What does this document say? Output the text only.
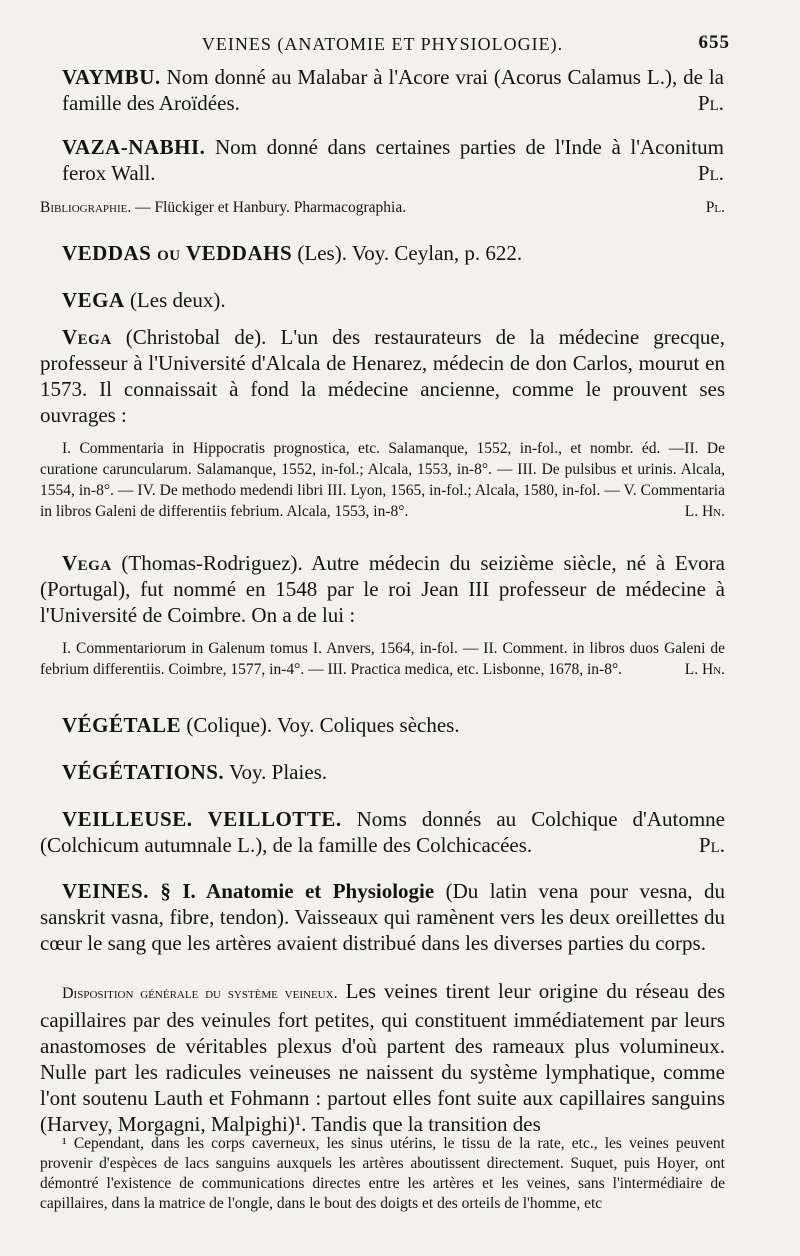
VEINES (ANATOMIE ET PHYSIOLOGIE).	655

VAYMBU. Nom donné au Malabar à l'Acore vrai (Acorus Calamus L.), de la famille des Aroïdées.	Pl.

VAZA-NABHI. Nom donné dans certaines parties de l'Inde à l'Aconitum ferox Wall.	Pl.

Bibliographie. — Flückiger et Hanbury. Pharmacographia.	Pl.

VEDDAS ou VEDDAHS (Les). Voy. Ceylan, p. 622.

VEGA (Les deux).

Vega (Christobal de). L'un des restaurateurs de la médecine grecque, professeur à l'Université d'Alcala de Henarez, médecin de don Carlos, mourut en 1573. Il connaissait à fond la médecine ancienne, comme le prouvent ses ouvrages :

I. Commentaria in Hippocratis prognostica, etc. Salamanque, 1552, in-fol., et nombr. éd. —II. De curatione caruncularum. Salamanque, 1552, in-fol.; Alcala, 1553, in-8°. — III. De pulsibus et urinis. Alcala, 1554, in-8°. — IV. De methodo medendi libri III. Lyon, 1565, in-fol.; Alcala, 1580, in-fol. — V. Commentaria in libros Galeni de differentiis febrium. Alcala, 1553, in-8°.	L. Hn.

Vega (Thomas-Rodriguez). Autre médecin du seizième siècle, né à Evora (Portugal), fut nommé en 1548 par le roi Jean III professeur de médecine à l'Université de Coimbre. On a de lui :

I. Commentariorum in Galenum tomus I. Anvers, 1564, in-fol. — II. Comment. in libros duos Galeni de febrium differentiis. Coimbre, 1577, in-4°. — III. Practica medica, etc. Lisbonne, 1678, in-8°.	L. Hn.

VÉGÉTALE (Colique). Voy. Coliques sèches.

VÉGÉTATIONS. Voy. Plaies.

VEILLEUSE. VEILLOTTE. Noms donnés au Colchique d'Automne (Colchicum autumnale L.), de la famille des Colchicacées.	Pl.

VEINES. § I. Anatomie et Physiologie (Du latin vena pour vesna, du sanskrit vasna, fibre, tendon). Vaisseaux qui ramènent vers les deux oreillettes du cœur le sang que les artères avaient distribué dans les diverses parties du corps.

Disposition générale du système veineux. Les veines tirent leur origine du réseau des capillaires par des veinules fort petites, qui constituent immédiatement par leurs anastomoses de véritables plexus d'où partent des rameaux plus volumineux. Nulle part les radicules veineuses ne naissent du système lymphatique, comme l'ont soutenu Lauth et Fohmann : partout elles font suite aux capillaires sanguins (Harvey, Morgagni, Malpighi)¹. Tandis que la transition des

¹ Cependant, dans les corps caverneux, les sinus utérins, le tissu de la rate, etc., les veines peuvent provenir d'espèces de lacs sanguins auxquels les artères aboutissent directement. Suquet, puis Hoyer, ont démontré l'existence de communications directes entre les artères et les veines, sans l'intermédiaire de capillaires, dans la matrice de l'ongle, dans le bout des doigts et des orteils de l'homme, etc
